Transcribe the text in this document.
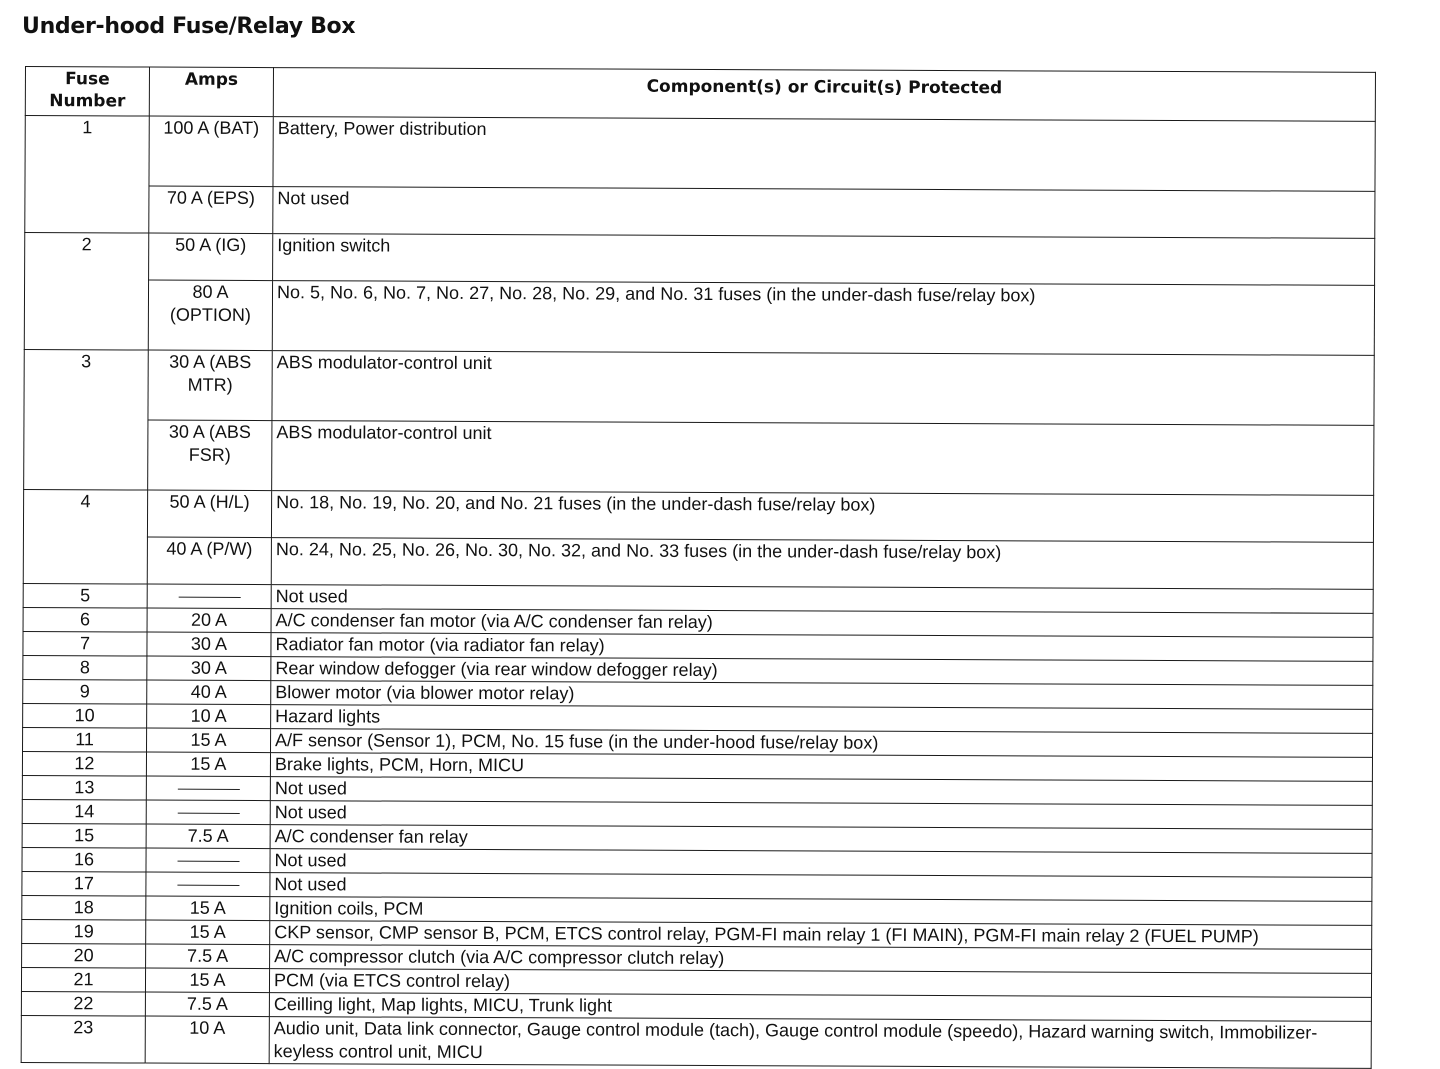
Under-hood Fuse/Relay Box
Fuse Number	Amps	Component(s) or Circuit(s) Protected
1	100 A (BAT)	Battery, Power distribution
	70 A (EPS)	Not used
2	50 A (IG)	Ignition switch
	80 A (OPTION)	No. 5, No. 6, No. 7, No. 27, No. 28, No. 29, and No. 31 fuses (in the under-dash fuse/relay box)
3	30 A (ABS MTR)	ABS modulator-control unit
	30 A (ABS FSR)	ABS modulator-control unit
4	50 A (H/L)	No. 18, No. 19, No. 20, and No. 21 fuses (in the under-dash fuse/relay box)
	40 A (P/W)	No. 24, No. 25, No. 26, No. 30, No. 32, and No. 33 fuses (in the under-dash fuse/relay box)
5		Not used
6	20 A	A/C condenser fan motor (via A/C condenser fan relay)
7	30 A	Radiator fan motor (via radiator fan relay)
8	30 A	Rear window defogger (via rear window defogger relay)
9	40 A	Blower motor (via blower motor relay)
10	10 A	Hazard lights
11	15 A	A/F sensor (Sensor 1), PCM, No. 15 fuse (in the under-hood fuse/relay box)
12	15 A	Brake lights, PCM, Horn, MICU
13		Not used
14		Not used
15	7.5 A	A/C condenser fan relay
16		Not used
17		Not used
18	15 A	Ignition coils, PCM
19	15 A	CKP sensor, CMP sensor B, PCM, ETCS control relay, PGM-FI main relay 1 (FI MAIN), PGM-FI main relay 2 (FUEL PUMP)
20	7.5 A	A/C compressor clutch (via A/C compressor clutch relay)
21	15 A	PCM (via ETCS control relay)
22	7.5 A	Ceilling light, Map lights, MICU, Trunk light
23	10 A	Audio unit, Data link connector, Gauge control module (tach), Gauge control module (speedo), Hazard warning switch, Immobilizer-keyless control unit, MICU
